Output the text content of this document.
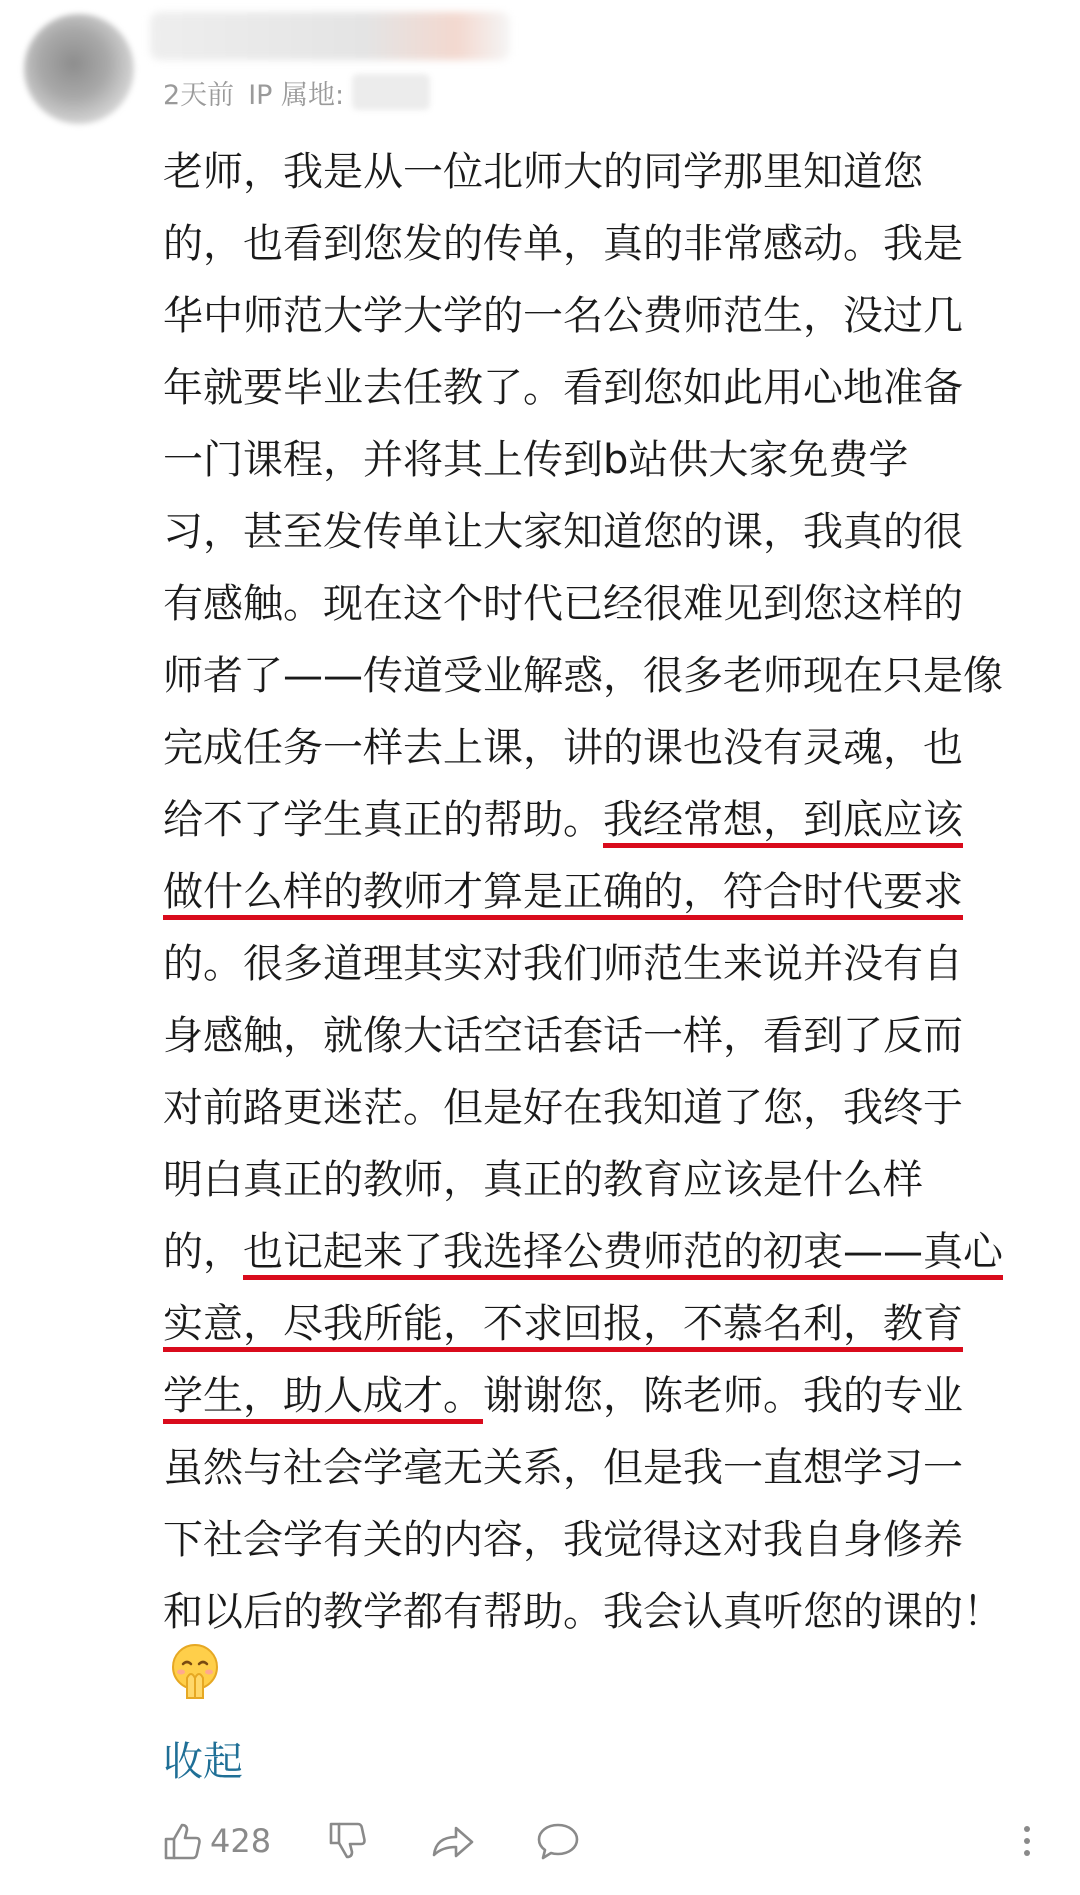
2天前 IP 属地:
老师，我是从一位北师大的同学那里知道您
的，也看到您发的传单，真的非常感动。我是
华中师范大学大学的一名公费师范生，没过几
年就要毕业去任教了。看到您如此用心地准备
一门课程，并将其上传到b站供大家免费学
习，甚至发传单让大家知道您的课，我真的很
有感触。现在这个时代已经很难见到您这样的
师者了——传道受业解惑，很多老师现在只是像
完成任务一样去上课，讲的课也没有灵魂，也
给不了学生真正的帮助。我经常想，到底应该
做什么样的教师才算是正确的，符合时代要求
的。很多道理其实对我们师范生来说并没有自
身感触，就像大话空话套话一样，看到了反而
对前路更迷茫。但是好在我知道了您，我终于
明白真正的教师，真正的教育应该是什么样
的，也记起来了我选择公费师范的初衷——真心
实意，尽我所能，不求回报，不慕名利，教育
学生，助人成才。谢谢您，陈老师。我的专业
虽然与社会学毫无关系，但是我一直想学习一
下社会学有关的内容，我觉得这对我自身修养
和以后的教学都有帮助。我会认真听您的课的！
收起
428
